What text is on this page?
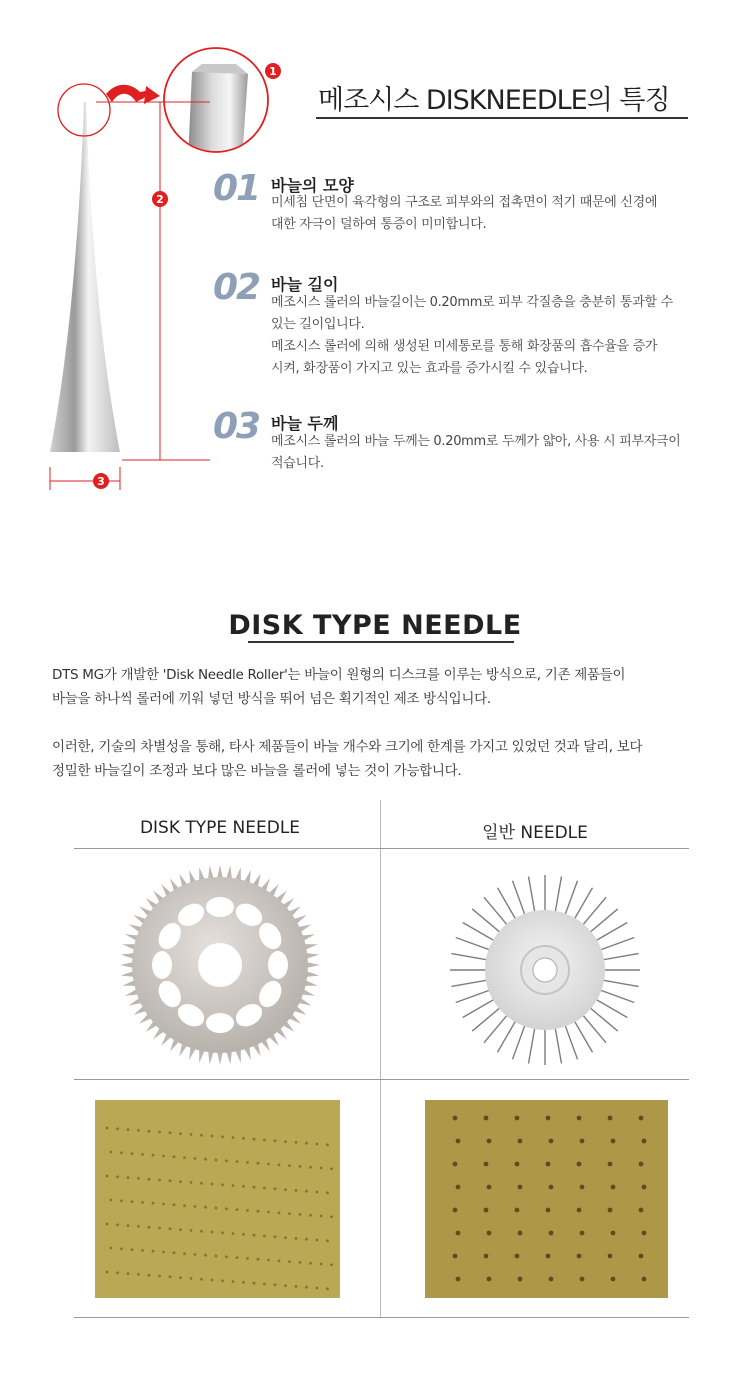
1
2
3
메조시스 DISKNEEDLE의 특징
01 바늘의 모양
미세침 단면이 육각형의 구조로 피부와의 접촉면이 적기 때문에 신경에
대한 자극이 덜하여 통증이 미미합니다.
02 바늘 길이
메조시스 롤러의 바늘길이는 0.20mm로 피부 각질층을 충분히 통과할 수
있는 길이입니다.
메조시스 롤러에 의해 생성된 미세통로를 통해 화장품의 흡수율을 증가
시켜, 화장품이 가지고 있는 효과를 증가시킬 수 있습니다.
03 바늘 두께
메조시스 롤러의 바늘 두께는 0.20mm로 두께가 얇아, 사용 시 피부자극이
적습니다.
DISK TYPE NEEDLE
DTS MG가 개발한 'Disk Needle Roller'는 바늘이 원형의 디스크를 이루는 방식으로, 기존 제품들이
바늘을 하나씩 롤러에 끼워 넣던 방식을 뛰어 넘은 획기적인 제조 방식입니다.
이러한, 기술의 차별성을 통해, 타사 제품들이 바늘 개수와 크기에 한계를 가지고 있었던 것과 달리, 보다
정밀한 바늘길이 조정과 보다 많은 바늘을 롤러에 넣는 것이 가능합니다.
DISK TYPE NEEDLE	일반 NEEDLE
